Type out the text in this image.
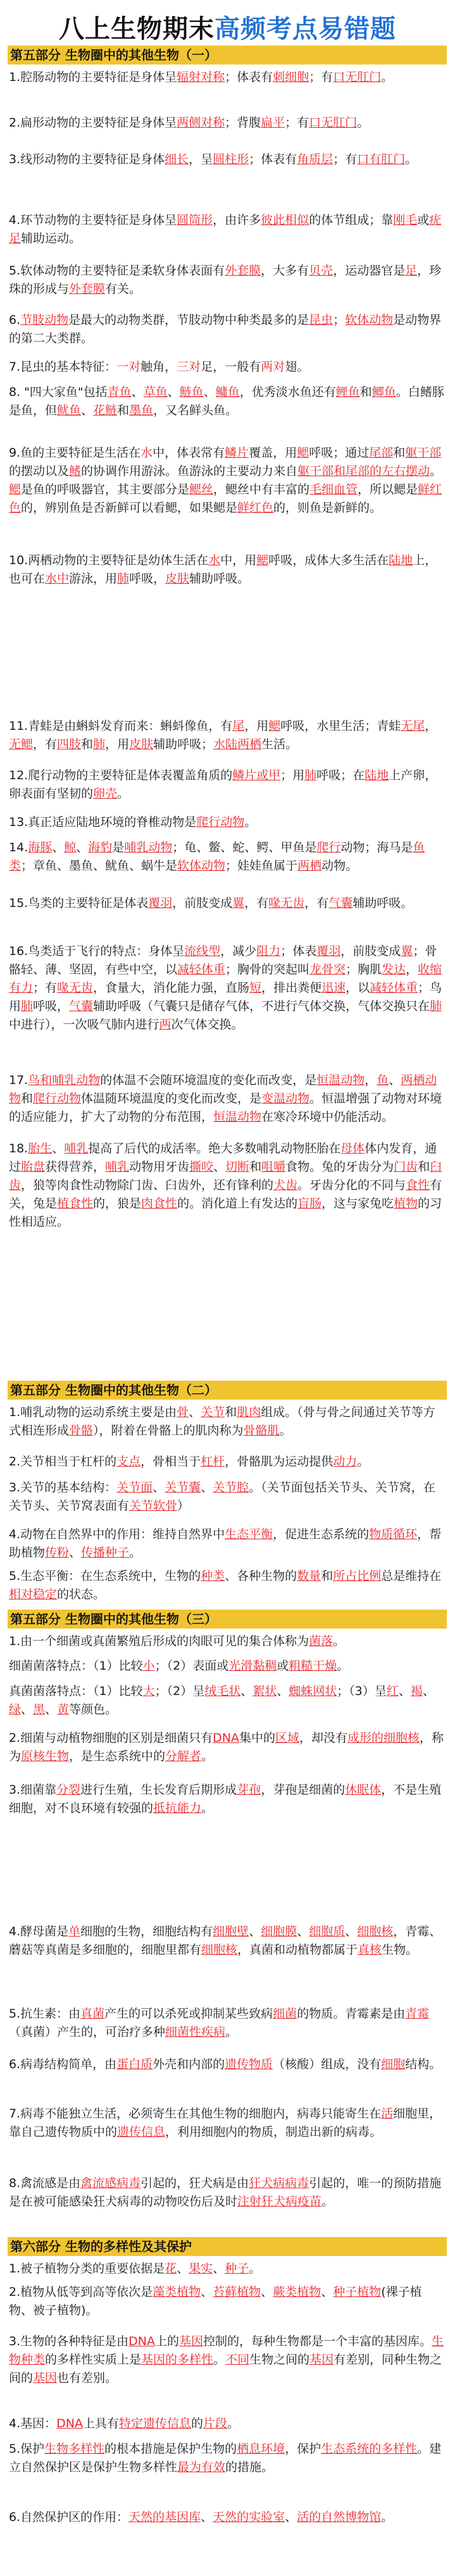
八上生物期末高频考点易错题
第五部分 生物圈中的其他生物（一）
1.腔肠动物的主要特征是身体呈辐射对称；体表有刺细胞；有口无肛门。
2.扁形动物的主要特征是身体呈两侧对称；背腹扁平；有口无肛门。
3.线形动物的主要特征是身体细长，呈圆柱形；体表有角质层；有口有肛门。
4.环节动物的主要特征是身体呈圆筒形，由许多彼此相似的体节组成；靠刚毛或疣足辅助运动。
5.软体动物的主要特征是柔软身体表面有外套膜，大多有贝壳，运动器官是足，珍珠的形成与外套膜有关。
6.节肢动物是最大的动物类群，节肢动物中种类最多的是昆虫；软体动物是动物界的第二大类群。
7.昆虫的基本特征：一对触角，三对足，一般有两对翅。
8. "四大家鱼"包括青鱼、草鱼、鲢鱼、鳙鱼，优秀淡水鱼还有鲤鱼和鲫鱼。白鳍豚是鱼，但鱿鱼、花鲢和墨鱼，又名鲜头鱼。
9.鱼的主要特征是生活在水中，体表常有鳞片覆盖，用鳃呼吸；通过尾部和躯干部的摆动以及鳍的协调作用游泳。鱼游泳的主要动力来自躯干部和尾部的左右摆动。鳃是鱼的呼吸器官，其主要部分是鳃丝，鳃丝中有丰富的毛细血管，所以鳃是鲜红色的，辨别鱼是否新鲜可以看鳃，如果鳃是鲜红色的，则鱼是新鲜的。
10.两栖动物的主要特征是幼体生活在水中，用鳃呼吸，成体大多生活在陆地上，也可在水中游泳，用肺呼吸，皮肤辅助呼吸。
11.青蛙是由蝌蚪发育而来：蝌蚪像鱼，有尾，用鳃呼吸，水里生活；青蛙无尾，无鳃，有四肢和肺，用皮肤辅助呼吸；水陆两栖生活。
12.爬行动物的主要特征是体表覆盖角质的鳞片或甲；用肺呼吸；在陆地上产卵，卵表面有坚韧的卵壳。
13.真正适应陆地环境的脊椎动物是爬行动物。
14.海豚、鲸、海豹是哺乳动物；龟、鳖、蛇、鳄、甲鱼是爬行动物；海马是鱼类；章鱼、墨鱼、鱿鱼、蜗牛是软体动物；娃娃鱼属于两栖动物。
15.鸟类的主要特征是体表覆羽，前肢变成翼，有喙无齿，有气囊辅助呼吸。
16.鸟类适于飞行的特点：身体呈流线型，减少阻力；体表覆羽，前肢变成翼；骨骼轻、薄、坚固，有些中空，以减轻体重；胸骨的突起叫龙骨突；胸肌发达，收缩有力；有喙无齿，食量大，消化能力强，直肠短，排出粪便迅速，以减轻体重；鸟用肺呼吸，气囊辅助呼吸（气囊只是储存气体，不进行气体交换，气体交换只在肺中进行），一次吸气肺内进行两次气体交换。
17.鸟和哺乳动物的体温不会随环境温度的变化而改变，是恒温动物，鱼、两栖动物和爬行动物体温随环境温度的变化而改变，是变温动物。恒温增强了动物对环境的适应能力，扩大了动物的分布范围，恒温动物在寒冷环境中仍能活动。
18.胎生、哺乳提高了后代的成活率。绝大多数哺乳动物胚胎在母体体内发育，通过胎盘获得营养，哺乳动物用牙齿撕咬、切断和咀嚼食物。兔的牙齿分为门齿和臼齿，狼等肉食性动物除门齿、臼齿外，还有锋利的犬齿。牙齿分化的不同与食性有关，兔是植食性的，狼是肉食性的。消化道上有发达的盲肠，这与家兔吃植物的习性相适应。
第五部分 生物圈中的其他生物（二）
1.哺乳动物的运动系统主要是由骨、关节和肌肉组成。（骨与骨之间通过关节等方式相连形成骨骼），附着在骨骼上的肌肉称为骨骼肌。
2.关节相当于杠杆的支点，骨相当于杠杆，骨骼肌为运动提供动力。
3.关节的基本结构：关节面、关节囊、关节腔。（关节面包括关节头、关节窝，在关节头、关节窝表面有关节软骨）
4.动物在自然界中的作用：维持自然界中生态平衡，促进生态系统的物质循环，帮助植物传粉、传播种子。
5.生态平衡：在生态系统中，生物的种类、各种生物的数量和所占比例总是维持在相对稳定的状态。
第五部分 生物圈中的其他生物（三）
1.由一个细菌或真菌繁殖后形成的肉眼可见的集合体称为菌落。
细菌菌落特点：（1）比较小；（2）表面或光滑黏稠或粗糙干燥。
真菌菌落特点：（1）比较大；（2）呈绒毛状、絮状、蜘蛛网状；（3）呈红、褐、绿、黑、黄等颜色。
2.细菌与动植物细胞的区别是细菌只有DNA集中的区域，却没有成形的细胞核，称为原核生物，是生态系统中的分解者。
3.细菌靠分裂进行生殖，生长发育后期形成芽孢，芽孢是细菌的休眠体，不是生殖细胞，对不良环境有较强的抵抗能力。
4.酵母菌是单细胞的生物，细胞结构有细胞壁、细胞膜、细胞质、细胞核，青霉、蘑菇等真菌是多细胞的，细胞里都有细胞核，真菌和动植物都属于真核生物。
5.抗生素：由真菌产生的可以杀死或抑制某些致病细菌的物质。青霉素是由青霉（真菌）产生的，可治疗多种细菌性疾病。
6.病毒结构简单，由蛋白质外壳和内部的遗传物质（核酸）组成，没有细胞结构。
7.病毒不能独立生活，必须寄生在其他生物的细胞内，病毒只能寄生在活细胞里，靠自己遗传物质中的遗传信息，利用细胞内的物质，制造出新的病毒。
8.禽流感是由禽流感病毒引起的，狂犬病是由狂犬病病毒引起的，唯一的预防措施是在被可能感染狂犬病毒的动物咬伤后及时注射狂犬病疫苗。
第六部分 生物的多样性及其保护
1.被子植物分类的重要依据是花、果实、种子。
2.植物从低等到高等依次是藻类植物、苔藓植物、蕨类植物、种子植物(裸子植物、被子植物)。
3.生物的各种特征是由DNA上的基因控制的，每种生物都是一个丰富的基因库。生物种类的多样性实质上是基因的多样性。不同生物之间的基因有差别，同种生物之间的基因也有差别。
4.基因：DNA上具有特定遗传信息的片段。
5.保护生物多样性的根本措施是保护生物的栖息环境，保护生态系统的多样性。建立自然保护区是保护生物多样性最为有效的措施。
6.自然保护区的作用：天然的基因库、天然的实验室、活的自然博物馆。
